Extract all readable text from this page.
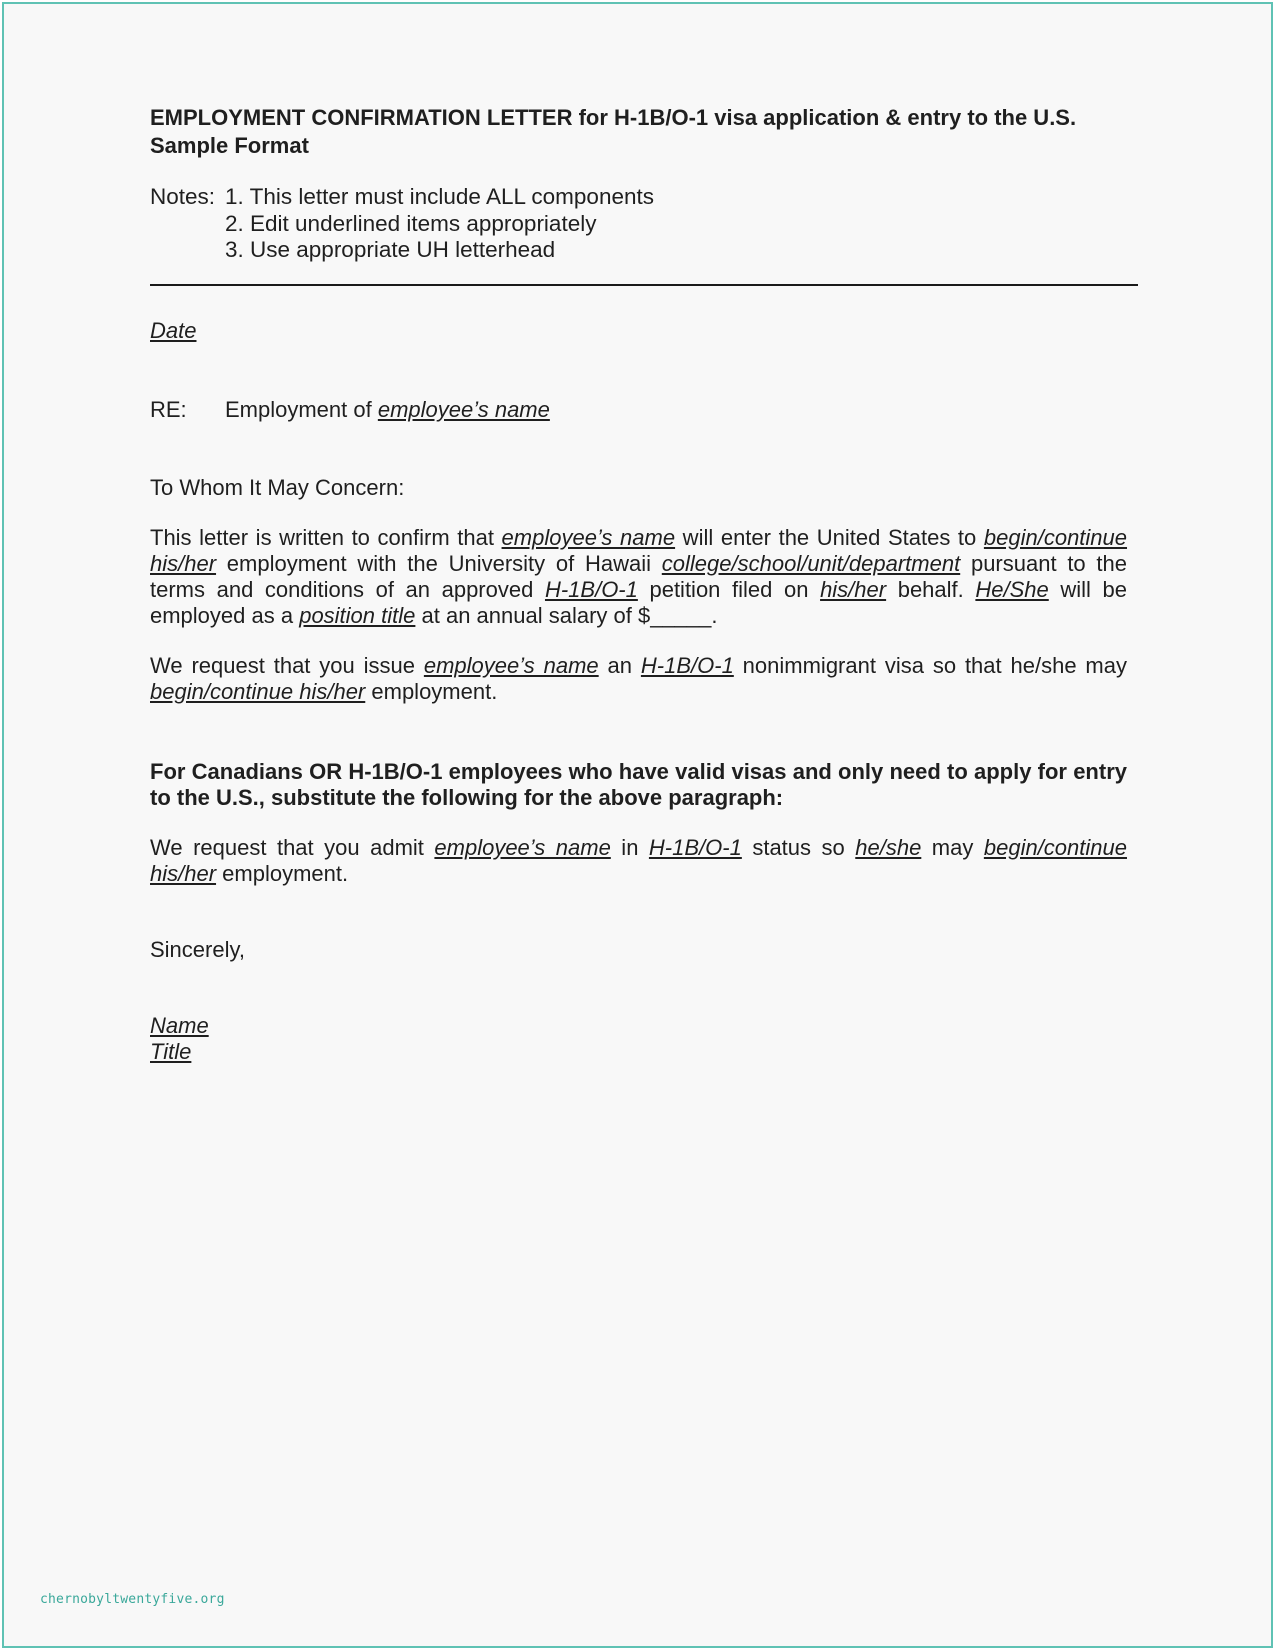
EMPLOYMENT CONFIRMATION LETTER for H-1B/O-1 visa application & entry to the U.S.
Sample Format
Notes: 1. This letter must include ALL components
2. Edit underlined items appropriately
3. Use appropriate UH letterhead
Date
RE:	Employment of employee’s name
To Whom It May Concern:
This letter is written to confirm that employee’s name will enter the United States to begin/continue his/her employment with the University of Hawaii college/school/unit/department pursuant to the terms and conditions of an approved H-1B/O-1 petition filed on his/her behalf. He/She will be employed as a position title at an annual salary of $_____.
We request that you issue employee’s name an H-1B/O-1 nonimmigrant visa so that he/she may begin/continue his/her employment.
For Canadians OR H-1B/O-1 employees who have valid visas and only need to apply for entry to the U.S., substitute the following for the above paragraph:
We request that you admit employee’s name in H-1B/O-1 status so he/she may begin/continue his/her employment.
Sincerely,
Name
Title
chernobyltwentyfive.org
